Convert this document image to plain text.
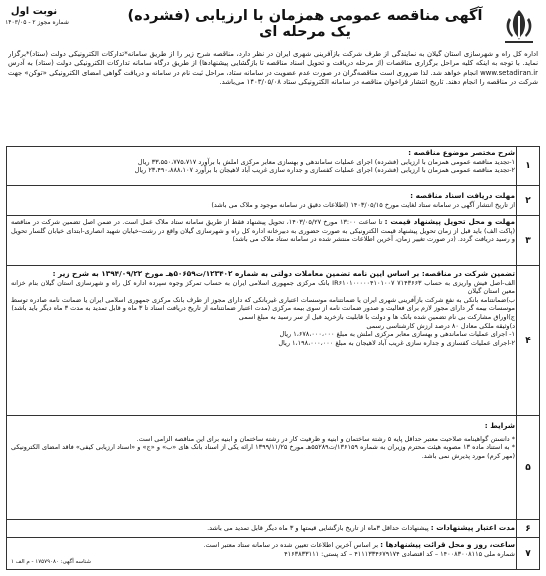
آگهی مناقصه عمومی همزمان با ارزیابی (فشرده) یک مرحله ای
نوبت اول
شماره مجوز ۲ - ۱۴۰۳/۰۵
اداره کل راه و شهرسازی استان گیلان به نمایندگی از طرف شرکت بازآفرینی شهری ایران در نظر دارد، مناقصه شرح زیر را از طریق سامانه*تدارکات الکترونیکی دولت (ستاد)*برگزار نماید. با توجه به اینکه کلیه مراحل برگزاری مناقصات (از مرحله دریافت و تحویل اسناد مناقصه تا بازگشایی پیشنهادها) از طریق درگاه سامانه تدارکات الکترونیکی دولت (ستاد) به آدرس www.setadiran.ir انجام خواهد شد. لذا ضروری است مناقصه‌گران در صورت عدم عضویت در سامانه ستاد، مراحل ثبت نام در سامانه و دریافت گواهی امضای الکترونیکی «توکن» جهت شرکت در مناقصه را انجام دهند. تاریخ انتشار فراخوان مناقصه در سامانه الکترونیکی ستاد ۱۴۰۳/۰۵/۰۸ می‌باشد.
۱
شرح مختصر موضوع مناقصه :
۱-تجدید مناقصه عمومی همزمان با ارزیابی (فشرده) اجرای عملیات ساماندهی و بهسازی معابر مرکزی املش با برآورد ۳۳،۵۵۰،۷۷۵،۷۱۷ ریال
۲-تجدید مناقصه عمومی همزمان با ارزیابی (فشرده) اجرای عملیات کفسازی و جداره سازی غریب آباد لاهیجان با برآورد ۲۳،۴۹۰،۸۸۸،۱۰۷ ریال
۲
مهلت دریافت اسناد مناقصه :
از تاریخ انتشار آگهی در سامانه ستاد لغایت مورخ ۱۴۰۳/۰۵/۱۵ (اطلاعات دقیق در سامانه موجود و ملاک می باشد)
۳
مهلت و محل تحویل پیشنهاد قیمت : تا ساعت ۱۳:۰۰ مورخ ۱۴۰۳/۰۵/۲۷، تحویل پیشنهاد فقط از طریق سامانه ستاد ملاک عمل است. در ضمن اصل تضمین شرکت در مناقصه (پاکت الف) باید قبل از زمان تحویل پیشنهاد قیمت الکترونیکی به صورت حضوری به دبیرخانه اداره کل راه و شهرسازی گیلان واقع در رشت-خیابان شهید انصاری-ابتدای خیابان گلسار تحویل و رسید دریافت گردد. (در صورت تغییر زمان، آخرین اطلاعات منتشر شده در سامانه ستاد ملاک می باشد)
۴
تضمین شرکت در مناقصه: بر اساس آیین نامه تضمین معاملات دولتی به شماره ۱۲۳۴۰۲/ت۵۰۶۵۹هـ مورخ ۱۳۹۴/۰۹/۲۲ به شرح زیر :
الف-اصل فیش واریزی به حساب ۷۱۴۳۶۶۳ IR۶۱۰۱۰۰۰۰۰۴۱۰۱۰۰۷ بانک مرکزی جمهوری اسلامی ایران به حساب تمرکز وجوه سپرده اداره کل راه و شهرسازی استان گیلان بنام خزانه معین استان گیلان
ب)ضمانتنامه بانکی به نفع شرکت بازآفرینی شهری ایران یا ضمانتنامه موسسات اعتباری غیربانکی که دارای مجوز از طرف بانک مرکزی جمهوری اسلامی ایران یا ضمانت نامه صادره توسط موسسات بیمه گر دارای مجوز لازم برای فعالیت و صدور ضمانت نامه از سوی بیمه مرکزی (مدت اعتبار ضمانتنامه از تاریخ دریافت اسناد تا ۳ ماه و قابل تمدید به مدت ۳ ماه دیگر باید باشد)
ج)اوراق مشارکت بی نام تضمین شده بانک ها و دولت با قابلیت بازخرید قبل از سر رسید به مبلغ اسمی
د)وثیقه ملکی معادل ۸۰ درصد ارزش کارشناسی رسمی
۱- اجرای عملیات ساماندهی و بهسازی معابر مرکزی املش به مبلغ ۱،۶۷۸،۰۰۰،۰۰۰ ریال
۲-اجرای عملیات کفسازی و جداره سازی غریب آباد لاهیجان به مبلغ ۱،۱۹۸،۰۰۰،۰۰۰ ریال
۵
شرایط :
* دانستن گواهینامه صلاحیت معتبر حداقل پایه ۵ رشته ساختمان و ابنیه و ظرفیت کار در رشته ساختمان و ابنیه برای این مناقصه الزامی است.
* به استناد ماده ۱۳ مصوبه هیئت محترم وزیران به شماره ۱۳۶۱۵۹/ت۵۵۲۸۹هـ مورخ ۱۳۹۹/۱۱/۲۵ ارائه یکی از اسناد بانک های «ب» و «ج» و «اسناد ارزیابی کیفی» فاقد امضای الکترونیکی (مهر کرم) مورد پذیرش نمی باشد.
۶
مدت اعتبار پیشنهادات : پیشنهادات حداقل ۳ماه از تاریخ بازگشایی قیمتها و ۳ ماه دیگر قابل تمدید می باشد.
۷
ساعت، روز و محل قرائت پیشنهادها : بر اساس آخرین اطلاعات تعیین شده در سامانه ستاد معتبر است.
شماره ملی ۱۴۰۰۸۳۰۰۸۱۱۵ – کد اقتصادی ۴۱۱۱۳۳۴۶۷۹۱۷۴ – کد پستی: ۴۱۶۳۸۳۳۱۱۱
شناسه آگهی: ۱۷۵۷۹۰۸۰ - م الف ۱
